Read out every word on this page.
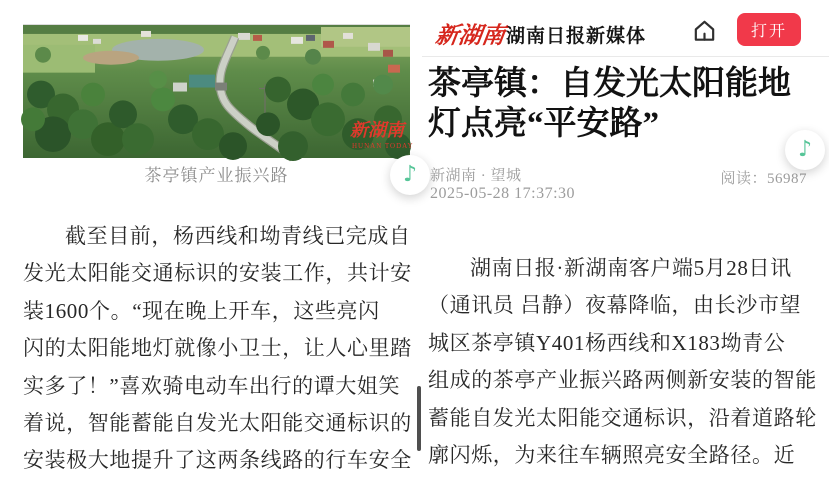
新湖南
HUNAN TODAY
茶亭镇产业振兴路	♪
截至目前，杨西线和坳青线已完成自
发光太阳能交通标识的安装工作，共计安
装1600个。“现在晚上开车，这些亮闪
闪的太阳能地灯就像小卫士，让人心里踏
实多了！”喜欢骑电动车出行的谭大姐笑
着说，智能蓄能自发光太阳能交通标识的
安装极大地提升了这两条线路的行车安全
新湖南 湖南日报新媒体	打开
茶亭镇：自发光太阳能地灯点亮“平安路”
新湖南 · 望城
2025-05-28 17:37:30
阅读：56987
♪
湖南日报·新湖南客户端5月28日讯
（通讯员 吕静）夜幕降临，由长沙市望
城区茶亭镇Y401杨西线和X183坳青公
组成的茶亭产业振兴路两侧新安装的智能
蓄能自发光太阳能交通标识，沿着道路轮
廓闪烁，为来往车辆照亮安全路径。近
